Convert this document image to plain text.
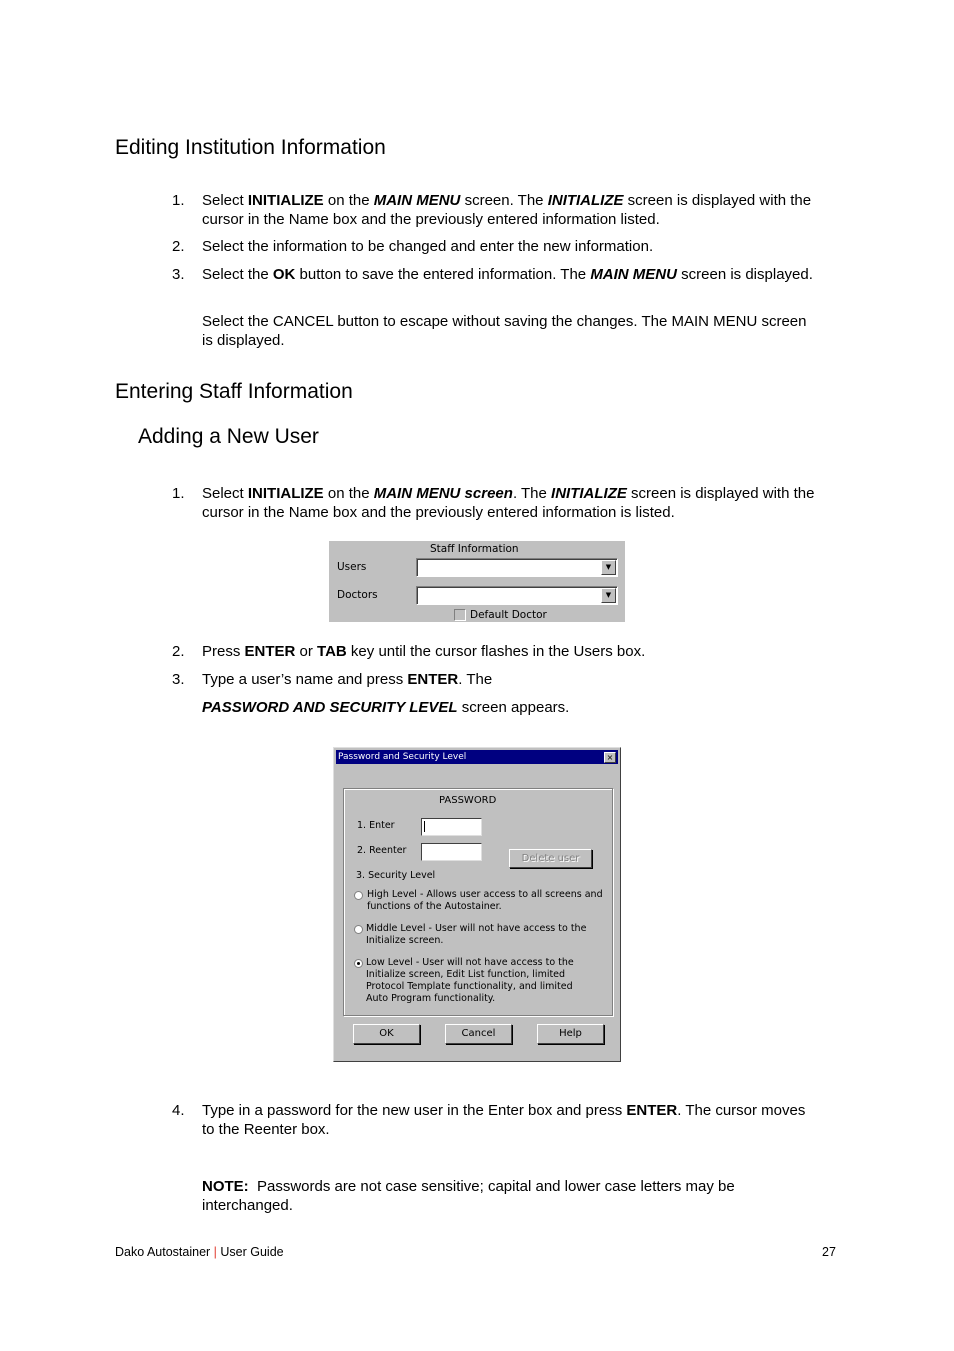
Editing Institution Information
1. Select INITIALIZE on the MAIN MENU screen. The INITIALIZE screen is displayed with the cursor in the Name box and the previously entered information listed.
2. Select the information to be changed and enter the new information.
3. Select the OK button to save the entered information. The MAIN MENU screen is displayed.
Select the CANCEL button to escape without saving the changes. The MAIN MENU screen is displayed.
Entering Staff Information
Adding a New User
1. Select INITIALIZE on the MAIN MENU screen. The INITIALIZE screen is displayed with the cursor in the Name box and the previously entered information is listed.
Staff Information
Users	▼
Doctors	▼
Default Doctor
2. Press ENTER or TAB key until the cursor flashes in the Users box.
3. Type a user’s name and press ENTER. The
PASSWORD AND SECURITY LEVEL screen appears.
Password and Security Level	×
PASSWORD
1. Enter
2. Reenter
Delete user
3. Security Level
High Level - Allows user access to all screens and functions of the Autostainer.
Middle Level - User will not have access to the Initialize screen.
Low Level - User will not have access to the Initialize screen, Edit List function, limited Protocol Template functionality, and limited Auto Program functionality.
OK	Cancel	Help
4. Type in a password for the new user in the Enter box and press ENTER. The cursor moves to the Reenter box.
NOTE:  Passwords are not case sensitive; capital and lower case letters may be interchanged.
Dako Autostainer | User Guide	27
